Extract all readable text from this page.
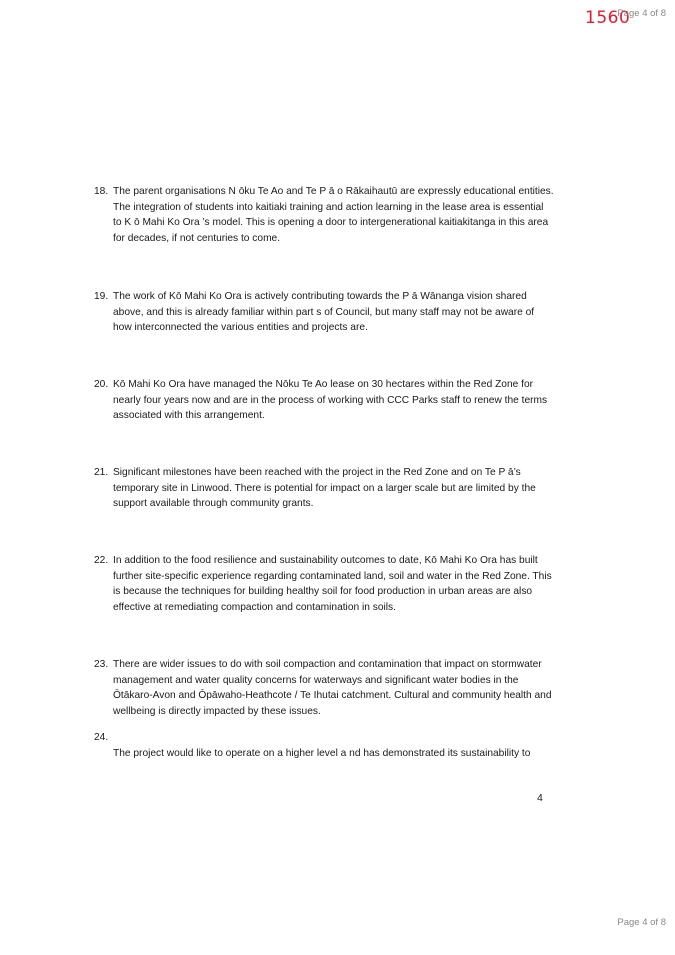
1560
Page 4 of 8
18. The parent organisations N ōku Te Ao and Te P ā o Rākaihautū are expressly educational entities. The integration of students into kaitiaki training and action learning in the lease area is essential to K ō Mahi Ko Ora ’s model. This is opening a door to intergenerational kaitiakitanga in this area for decades, if not centuries to come.
19. The work of Kō Mahi Ko Ora is actively contributing towards the P ā Wānanga vision shared above, and this is already familiar within part s of Council, but many staff may not be aware of how interconnected the various entities and projects are.
20. Kō Mahi Ko Ora have managed the Nōku Te Ao lease on 30 hectares within the Red Zone for nearly four years now and are in the process of working with CCC Parks staff to renew the terms associated with this arrangement.
21. Significant milestones have been reached with the project in the Red Zone and on Te P ā’s temporary site in Linwood. There is potential for impact on a larger scale but are limited by the support available through community grants.
22. In addition to the food resilience and sustainability outcomes to date, Kō Mahi Ko Ora has built further site-specific experience regarding contaminated land, soil and water in the Red Zone. This is because the techniques for building healthy soil for food production in urban areas are also effective at remediating compaction and contamination in soils.
23. There are wider issues to do with soil compaction and contamination that impact on stormwater management and water quality concerns for waterways and significant water bodies in the Ōtākaro-Avon and Ōpāwaho-Heathcote / Te Ihutai catchment. Cultural and community health and wellbeing is directly impacted by these issues.
24.
The project would like to operate on a higher level a nd has demonstrated its sustainability to
4
Page 4 of 8
